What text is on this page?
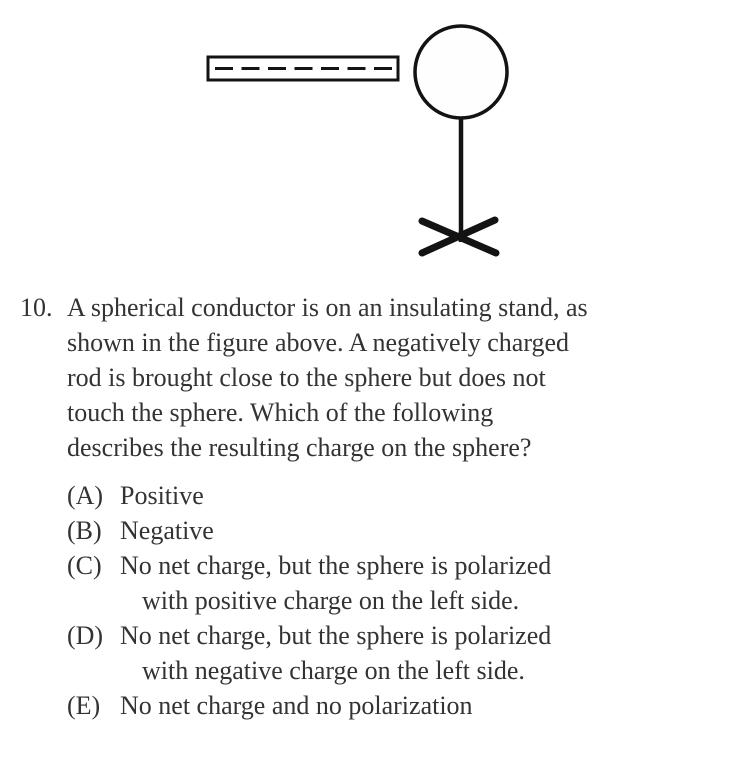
10. A spherical conductor is on an insulating stand, as
shown in the figure above. A negatively charged
rod is brought close to the sphere but does not
touch the sphere. Which of the following
describes the resulting charge on the sphere?
(A) Positive
(B) Negative
(C) No net charge, but the sphere is polarized
with positive charge on the left side.
(D) No net charge, but the sphere is polarized
with negative charge on the left side.
(E) No net charge and no polarization
